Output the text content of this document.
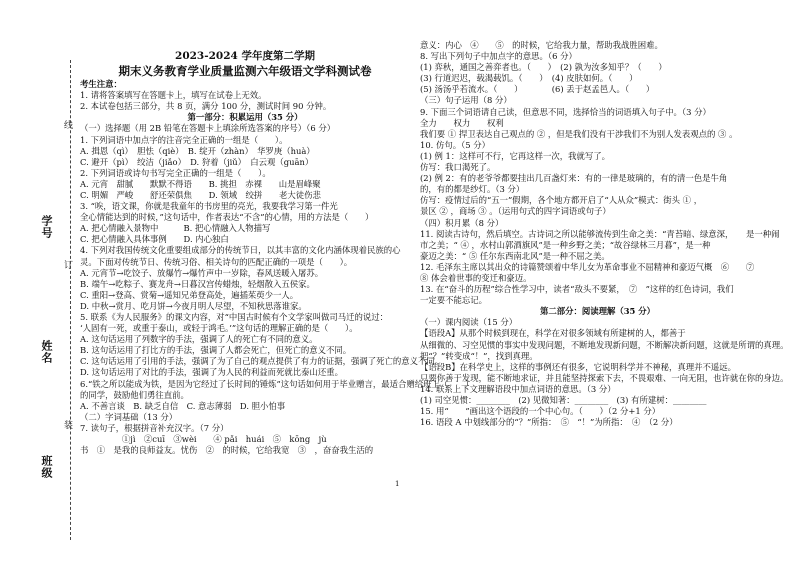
学号
姓名
班级
线
订
装

2023-2024 学年度第二学期

期末义务教育学业质量监测六年级语文学科测试卷

考生注意：

1. 请将答案填写在答题卡上，填写在试卷上无效。

2. 本试卷包括三部分，共 8 页，满分 100 分，测试时间 90 分钟。

第一部分：积累运用（35 分）

（一）选择题（用 2B 铅笔在答题卡上填涂所选答案的序号）（6 分）

1. 下列词语中加点字的注音完全正确的一组是（　　）。

A. 揖恩（qì）　胆怯（qiè）　B. 绽开（zhàn）　华罗庚（huà）

C. 避开（pì）　绞洁（jiǎo）　D. 狩着（jiǔ）　白云观（guān）

2. 下列词语或诗句书写完全正确的一组是（　　）。

A. 元宵　甜腻　　默默不得语　　B. 挑担　赤裸　　山是眉峰聚

C. 明媚　严峻　　舒还荣俱焦　　D. 领域　绞拼　　老大徒伤悲

3. “唉，语文课，你就是我童年的书房里的亮光，我要我学习第一件光

全心情能达到的时候，”这句话中，作者表达“不含”的心情，用的方法是（　　）

A. 把心情融入景物中　　　B. 把心情融入人物描写

C. 把心情融入具体事例　　D. 内心独白

4. 下列对我国传统文化重要组成部分的传统节日，以其丰富的文化内涵体现着民族的心

灵。下面对传统节日、传统习俗、相关诗句的匹配正确的一项是（　　）。

A. 元宵节→吃饺子、放爆竹→爆竹声中一岁除，春风送暖入屠苏。

B. 端午→吃粽子、赛龙舟→日暮汉宫传蜡烛，轻烟散入五侯家。

C. 重阳→登高、赏菊→遥知兄弟登高处，遍插茱萸少一人。

D. 中秋→赏月、吃月饼→今夜月明人尽望，不知秋思落谁家。

5. 联系《为人民服务》的课文内容，对“中国古时候有个文学家叫做司马迁的说过：

‘人固有一死，或重于泰山，或轻于鸿毛。’”这句话的理解正确的是（　　）。

A. 这句话运用了列数字的手法，强调了人的死亡有不同的意义。

B. 这句话运用了打比方的手法，强调了人都会死亡，但死亡的意义不同。

C. 这句话运用了引用的手法，强调了为了自己的观点提供了有力的证据，强调了死亡的意义不同。

D. 这句话运用了对比的手法，强调了为人民的利益而死就比泰山还重。

6.“铁之所以能成为铁，是因为它经过了长时间的锤炼”这句话如何用于毕业赠言，最适合赠给班上（　　）

的同学，鼓励他们勇往直前。

A. 不善言谈　B. 缺乏自信　C. 意志薄弱　D. 胆小怕事

（二）字词基础（13 分）

7. 读句子，根据拼音补充汉字。（7 分）

　　　　　①jì　②cuī　③wèi　　④ pǎi　huái　⑤　kōng　jù

书　①　是我的良师益友。忧伤　②　的时候，它给我宽　③　，奋奋我生活的

意义：内心　④　　⑤　的时候，它给我力量，帮助我战胜困难。

8. 写出下列句子中加点字的意思。（6 分）

(1) 弈秋，通国之善弈者也。（　　）　(2) 孰为汝多知乎？（　　）

(3) 行道迟迟，载渴载饥。（　　）　(4) 皮肤如何。（　　）

(5) 汤汤乎若流水。（　　）　　　　(6) 丢于赵孟邑人。（　　）

（三）句子运用（8 分）

9. 下面三个词语请自己读，但意思不同，选择恰当的词语填入句子中。（3 分）

全力　　权力　　权利

我们要 ① 捍卫表达自己观点的 ② ，但是我们没有干涉我们不为别人发表观点的 ③ 。

10. 仿句。（5 分）

(1) 例 1：这样可不行，它再这样一次，我就写了。

仿写：我口渴死了。

(2) 例 2：有的老爷爷都要挂出几百盏灯来：有的一律是玻璃的，有的清一色是牛角

的，有的都是纱灯。（3 分）

仿写：疫情过后的“五一”假期，各个地方都开启了“人从众”模式：街头 ① ，

景区 ② ，商场 ③ 。（运用句式的四字词语或句子）

（四）积月累（8 分）

11. 阅读古诗句，然后填空。古诗词之所以能够流传到生命之美：“青苔暗、绿意深，　　是一种闹

市之美；“ ④ ，水村山郭酒旗风”是一种乡野之美；“故谷绿林三月暮”，是一种

豪迈之美：“ ⑤ 任尔东西南北风”是一种不屈之美。

12. 毛泽东主席以其出众的诗篇赞颂着中华儿女为革命事业不屈精神和豪迈气概　⑥　　⑦

⑧ 体会着世事的变迁和豪迈。

13. 在“奋斗的历程”综合性学习中，读者“敌头不要紧，　⑦　”这样的红色诗词，我们

一定要不能忘记。

第二部分：阅读理解（35 分）

（一）课内阅读（15 分）

【语段A】从那个时候到现在，科学在对很多领域有所建树的人，都善于

从细微的、习空见惯的事实中发现问题，不断地发现新问题，不断解决新问题，这就是所谓的真理。

把“？”转变成“！”，找到真理。

【语段B】在科学史上，这样的事例还有很多，它说明科学并不神秘，真理并不遥远。

只要你善于发现，能不断地求证，并且能坚持探索下去，不畏艰难、一向无阻，也许就在你的身边。

14. 联系上下文理解语段中加点词语的意思。（3 分）

(1) 司空见惯：________　(2) 见微知著：________　(3) 有所建树：________

15. 用“　　”画出这个语段的一个中心句。（　　）（2 分+1 分）

16. 语段 A 中划线部分的“？”所指：　⑤　“！”为所指：　④　（2 分）

1
